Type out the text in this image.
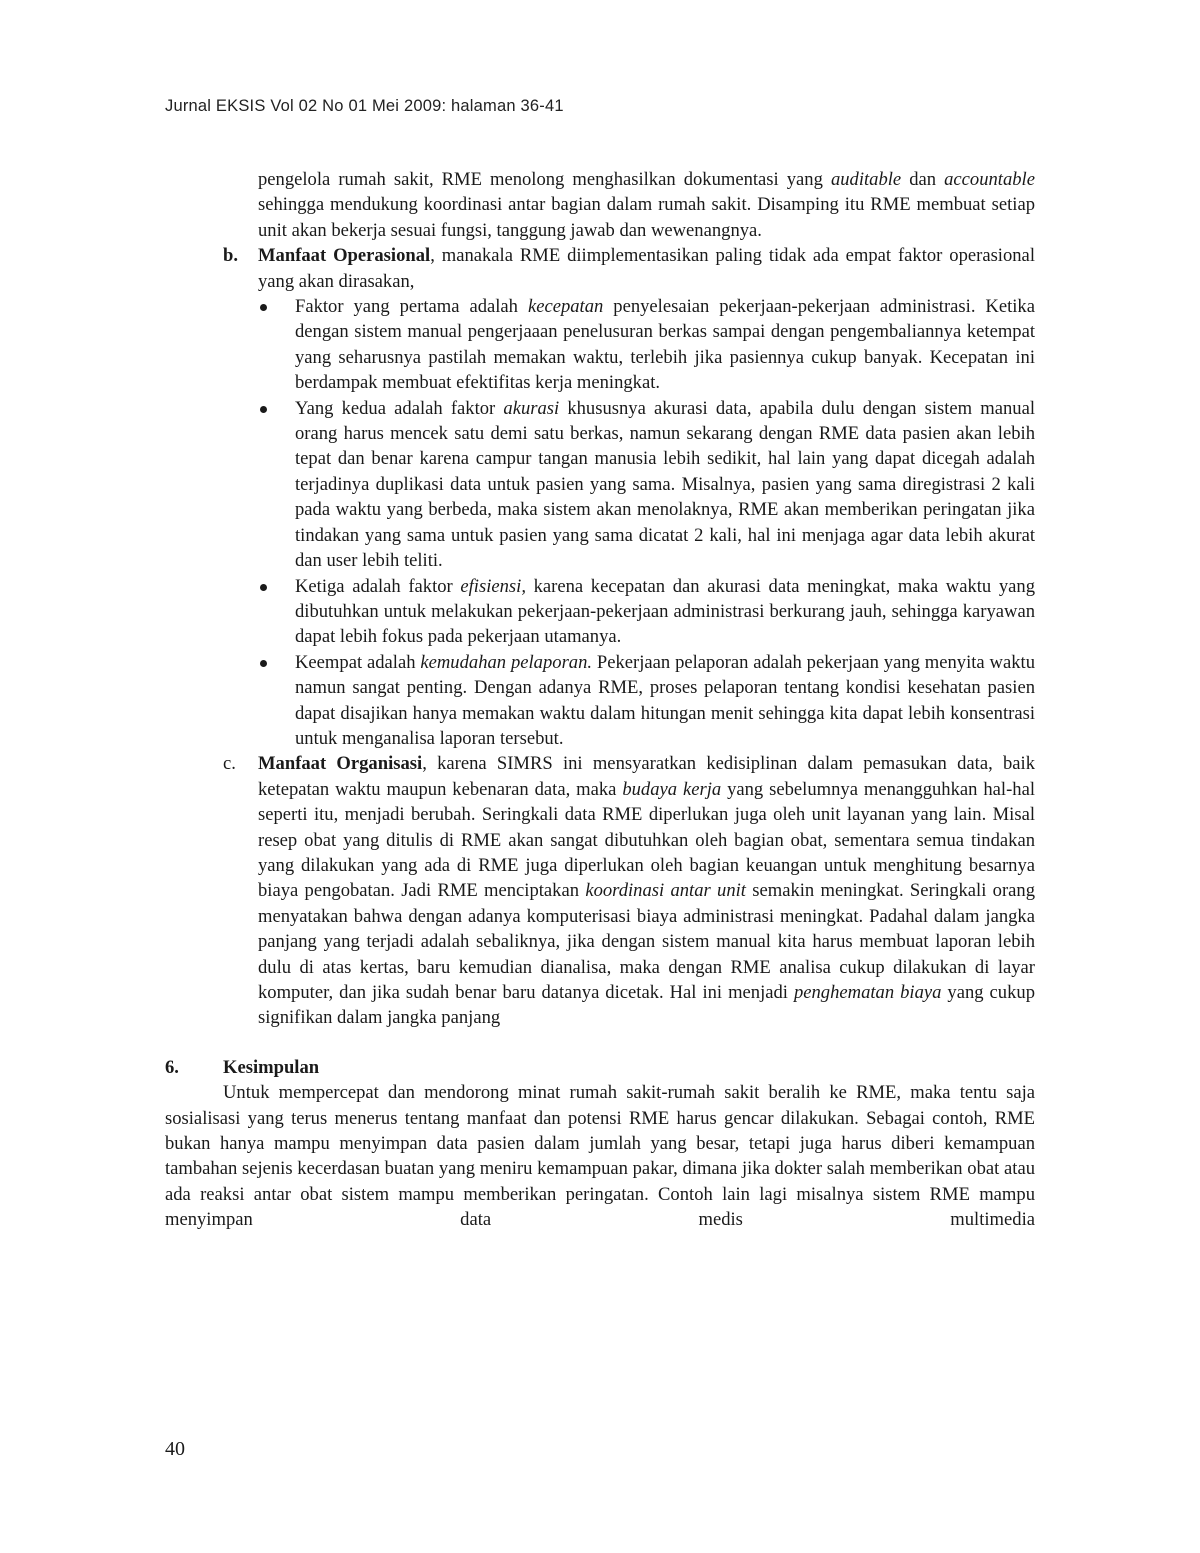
Jurnal EKSIS Vol 02 No 01 Mei 2009: halaman 36-41

pengelola rumah sakit, RME menolong menghasilkan dokumentasi yang auditable dan accountable sehingga mendukung koordinasi antar bagian dalam rumah sakit. Disamping itu RME membuat setiap unit akan bekerja sesuai fungsi, tanggung jawab dan wewenangnya.

b. Manfaat Operasional, manakala RME diimplementasikan paling tidak ada empat faktor operasional yang akan dirasakan,

Faktor yang pertama adalah kecepatan penyelesaian pekerjaan-pekerjaan administrasi. Ketika dengan sistem manual pengerjaaan penelusuran berkas sampai dengan pengembaliannya ketempat yang seharusnya pastilah memakan waktu, terlebih jika pasiennya cukup banyak. Kecepatan ini berdampak membuat efektifitas kerja meningkat.

Yang kedua adalah faktor akurasi khususnya akurasi data, apabila dulu dengan sistem manual orang harus mencek satu demi satu berkas, namun sekarang dengan RME data pasien akan lebih tepat dan benar karena campur tangan manusia lebih sedikit, hal lain yang dapat dicegah adalah terjadinya duplikasi data untuk pasien yang sama. Misalnya, pasien yang sama diregistrasi 2 kali pada waktu yang berbeda, maka sistem akan menolaknya, RME akan memberikan peringatan jika tindakan yang sama untuk pasien yang sama dicatat 2 kali, hal ini menjaga agar data lebih akurat dan user lebih teliti.

Ketiga adalah faktor efisiensi, karena kecepatan dan akurasi data meningkat, maka waktu yang dibutuhkan untuk melakukan pekerjaan-pekerjaan administrasi berkurang jauh, sehingga karyawan dapat lebih fokus pada pekerjaan utamanya.

Keempat adalah kemudahan pelaporan. Pekerjaan pelaporan adalah pekerjaan yang menyita waktu namun sangat penting. Dengan adanya RME, proses pelaporan tentang kondisi kesehatan pasien dapat disajikan hanya memakan waktu dalam hitungan menit sehingga kita dapat lebih konsentrasi untuk menganalisa laporan tersebut.

c. Manfaat Organisasi, karena SIMRS ini mensyaratkan kedisiplinan dalam pemasukan data, baik ketepatan waktu maupun kebenaran data, maka budaya kerja yang sebelumnya menangguhkan hal-hal seperti itu, menjadi berubah. Seringkali data RME diperlukan juga oleh unit layanan yang lain. Misal resep obat yang ditulis di RME akan sangat dibutuhkan oleh bagian obat, sementara semua tindakan yang dilakukan yang ada di RME juga diperlukan oleh bagian keuangan untuk menghitung besarnya biaya pengobatan. Jadi RME menciptakan koordinasi antar unit semakin meningkat. Seringkali orang menyatakan bahwa dengan adanya komputerisasi biaya administrasi meningkat. Padahal dalam jangka panjang yang terjadi adalah sebaliknya, jika dengan sistem manual kita harus membuat laporan lebih dulu di atas kertas, baru kemudian dianalisa, maka dengan RME analisa cukup dilakukan di layar komputer, dan jika sudah benar baru datanya dicetak. Hal ini menjadi penghematan biaya yang cukup signifikan dalam jangka panjang

6. Kesimpulan

Untuk mempercepat dan mendorong minat rumah sakit-rumah sakit beralih ke RME, maka tentu saja sosialisasi yang terus menerus tentang manfaat dan potensi RME harus gencar dilakukan. Sebagai contoh, RME bukan hanya mampu menyimpan data pasien dalam jumlah yang besar, tetapi juga harus diberi kemampuan tambahan sejenis kecerdasan buatan yang meniru kemampuan pakar, dimana jika dokter salah memberikan obat atau ada reaksi antar obat sistem mampu memberikan peringatan. Contoh lain lagi misalnya sistem RME mampu menyimpan data medis multimedia

40
